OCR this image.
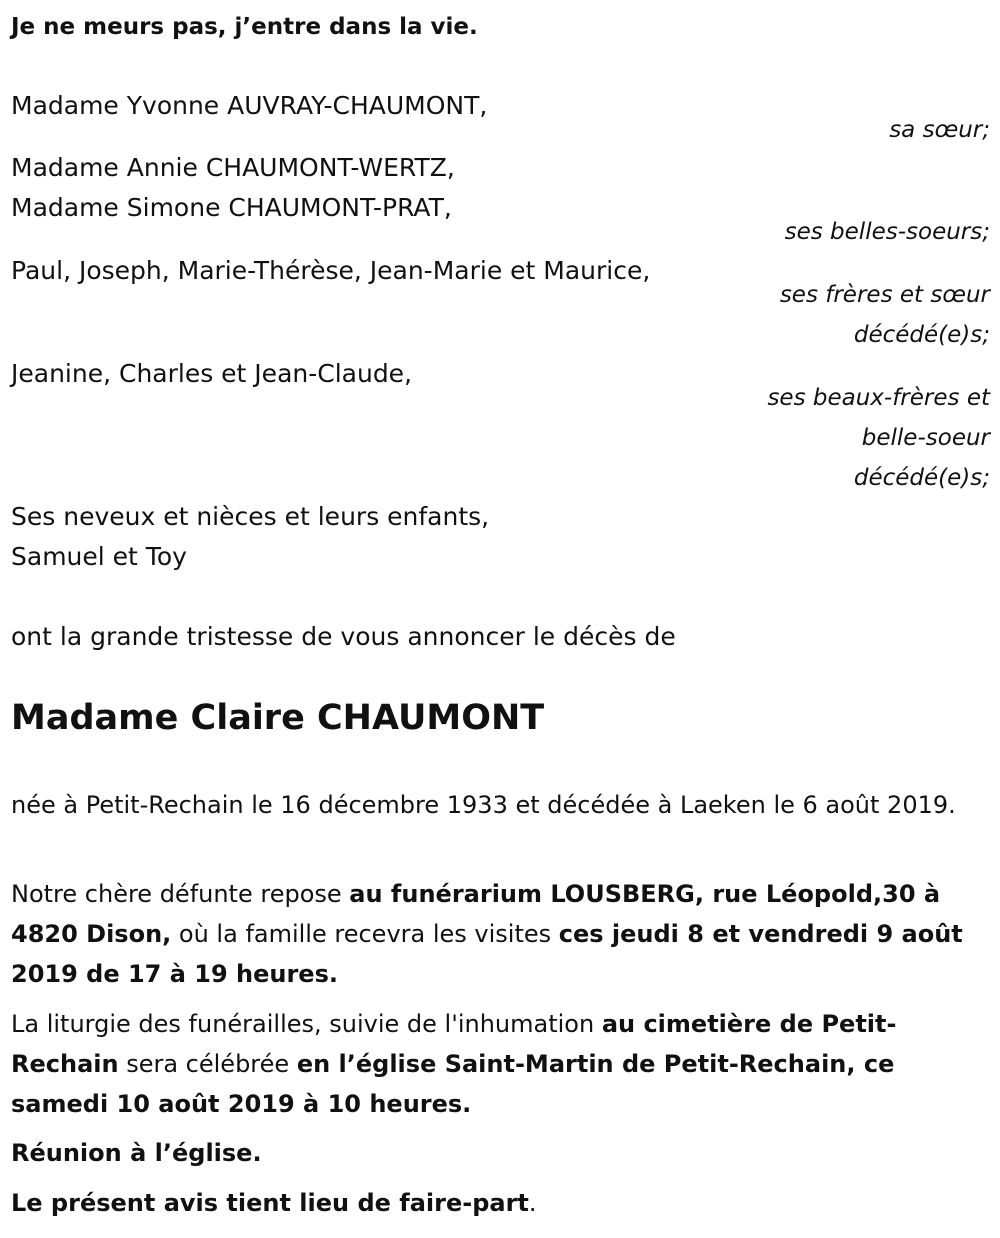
Je ne meurs pas, j’entre dans la vie.

Madame Yvonne AUVRAY-CHAUMONT,

sa sœur;

Madame Annie CHAUMONT-WERTZ,

Madame Simone CHAUMONT-PRAT,

ses belles-soeurs;

Paul, Joseph, Marie-Thérèse, Jean-Marie et Maurice,

ses frères et sœur

décédé(e)s;

Jeanine, Charles et Jean-Claude,

ses beaux-frères et

belle-soeur

décédé(e)s;

Ses neveux et nièces et leurs enfants,

Samuel et Toy

ont la grande tristesse de vous annoncer le décès de

Madame Claire CHAUMONT

née à Petit-Rechain le 16 décembre 1933 et décédée à Laeken le 6 août 2019.

Notre chère défunte repose au funérarium LOUSBERG, rue Léopold,30 à 4820 Dison, où la famille recevra les visites ces jeudi 8 et vendredi 9 août 2019 de 17 à 19 heures.

La liturgie des funérailles, suivie de l'inhumation au cimetière de Petit-Rechain sera célébrée en l’église Saint-Martin de Petit-Rechain, ce samedi 10 août 2019 à 10 heures.

Réunion à l’église.

Le présent avis tient lieu de faire-part.
